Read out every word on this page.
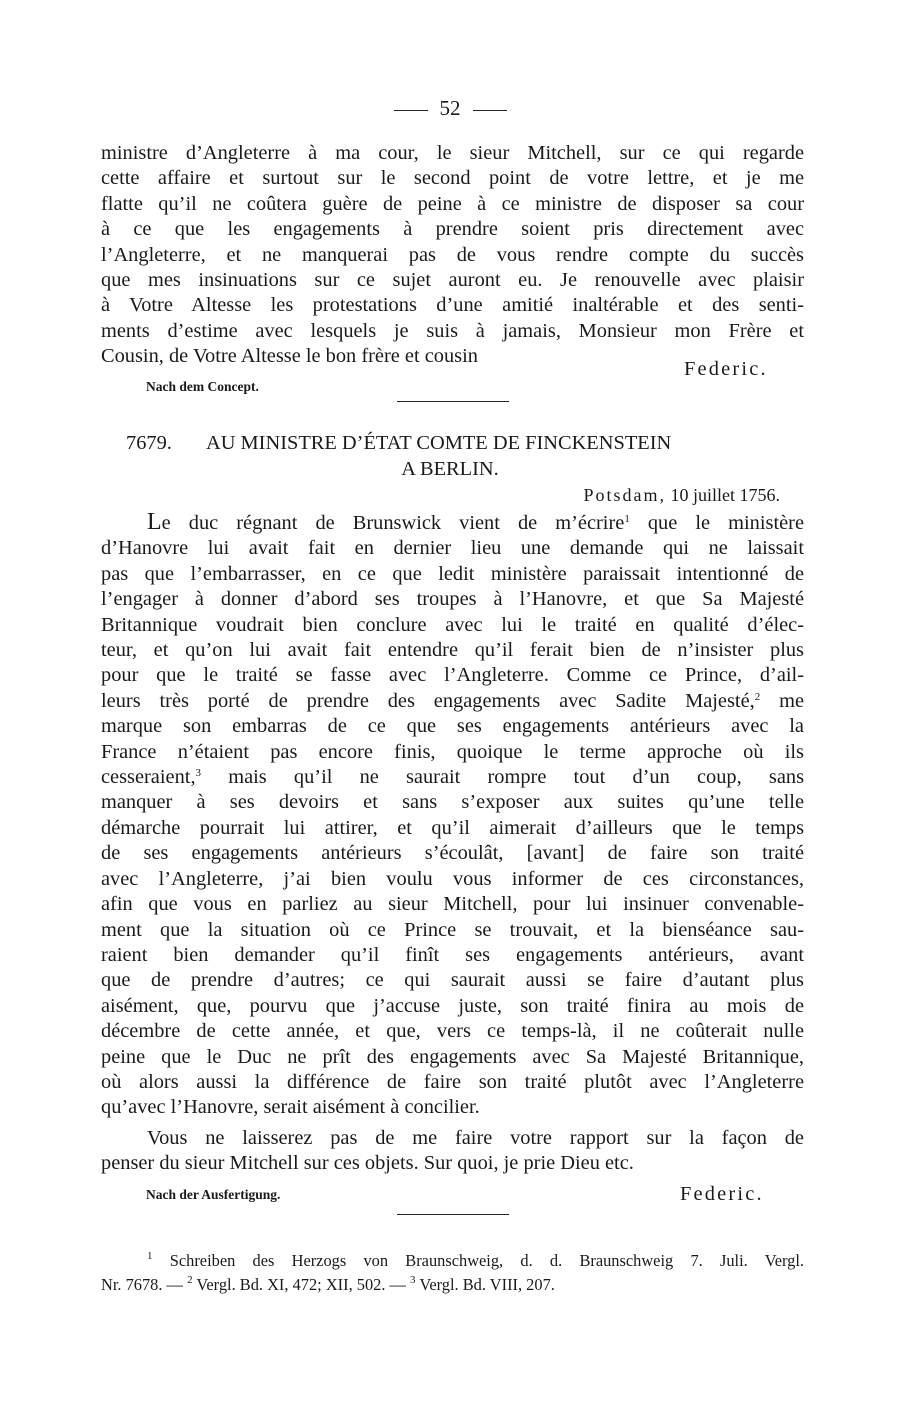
52
ministre d’Angleterre à ma cour, le sieur Mitchell, sur ce qui regarde
cette affaire et surtout sur le second point de votre lettre, et je me
flatte qu’il ne coûtera guère de peine à ce ministre de disposer sa cour
à ce que les engagements à prendre soient pris directement avec
l’Angleterre, et ne manquerai pas de vous rendre compte du succès
que mes insinuations sur ce sujet auront eu. Je renouvelle avec plaisir
à Votre Altesse les protestations d’une amitié inaltérable et des senti-
ments d’estime avec lesquels je suis à jamais, Monsieur mon Frère et
Cousin, de Votre Altesse le bon frère et cousin
Federic.
Nach dem Concept.
7679. AU MINISTRE D’ÉTAT COMTE DE FINCKENSTEIN
A BERLIN.
Potsdam, 10 juillet 1756.
Le duc régnant de Brunswick vient de m’écrire$^1$ que le ministère
d’Hanovre lui avait fait en dernier lieu une demande qui ne laissait
pas que l’embarrasser, en ce que ledit ministère paraissait intentionné de
l’engager à donner d’abord ses troupes à l’Hanovre, et que Sa Majesté
Britannique voudrait bien conclure avec lui le traité en qualité d’élec-
teur, et qu’on lui avait fait entendre qu’il ferait bien de n’insister plus
pour que le traité se fasse avec l’Angleterre. Comme ce Prince, d’ail-
leurs très porté de prendre des engagements avec Sadite Majesté,$^2$ me
marque son embarras de ce que ses engagements antérieurs avec la
France n’étaient pas encore finis, quoique le terme approche où ils
cesseraient,$^3$ mais qu’il ne saurait rompre tout d’un coup, sans
manquer à ses devoirs et sans s’exposer aux suites qu’une telle
démarche pourrait lui attirer, et qu’il aimerait d’ailleurs que le temps
de ses engagements antérieurs s’écoulât, [avant] de faire son traité
avec l’Angleterre, j’ai bien voulu vous informer de ces circonstances,
afin que vous en parliez au sieur Mitchell, pour lui insinuer convenable-
ment que la situation où ce Prince se trouvait, et la bienséance sau-
raient bien demander qu’il finît ses engagements antérieurs, avant
que de prendre d’autres; ce qui saurait aussi se faire d’autant plus
aisément, que, pourvu que j’accuse juste, son traité finira au mois de
décembre de cette année, et que, vers ce temps-là, il ne coûterait nulle
peine que le Duc ne prît des engagements avec Sa Majesté Britannique,
où alors aussi la différence de faire son traité plutôt avec l’Angleterre
qu’avec l’Hanovre, serait aisément à concilier.
Vous ne laisserez pas de me faire votre rapport sur la façon de
penser du sieur Mitchell sur ces objets. Sur quoi, je prie Dieu etc.
Nach der Ausfertigung.	Federic.
$^1$ Schreiben des Herzogs von Braunschweig, d. d. Braunschweig 7. Juli. Vergl.
Nr. 7678. — $^2$ Vergl. Bd. XI, 472; XII, 502. — $^3$ Vergl. Bd. VIII, 207.
